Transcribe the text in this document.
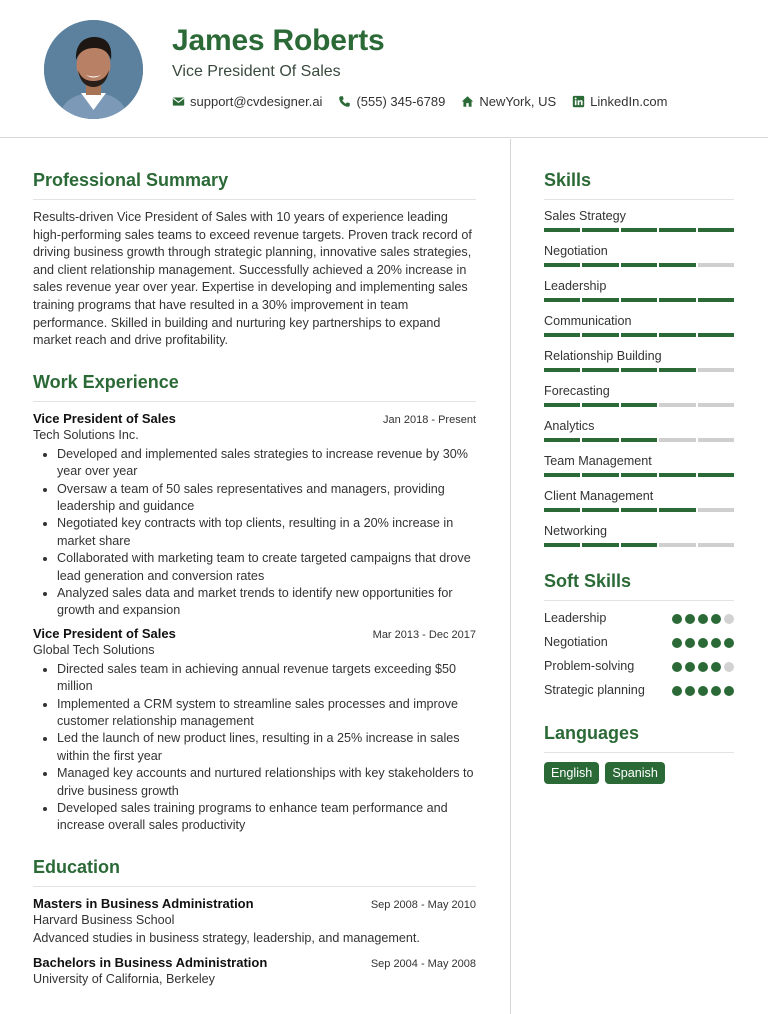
James Roberts
Vice President Of Sales
support@cvdesigner.ai	(555) 345-6789	NewYork, US	LinkedIn.com
Professional Summary

Results-driven Vice President of Sales with 10 years of experience leading high-performing sales teams to exceed revenue targets. Proven track record of driving business growth through strategic planning, innovative sales strategies, and client relationship management. Successfully achieved a 20% increase in sales revenue year over year. Expertise in developing and implementing sales training programs that have resulted in a 30% improvement in team performance. Skilled in building and nurturing key partnerships to expand market reach and drive profitability.

Work Experience
Vice President of Sales	Jan 2018 - Present
Tech Solutions Inc.
Developed and implemented sales strategies to increase revenue by 30% year over year
Oversaw a team of 50 sales representatives and managers, providing leadership and guidance
Negotiated key contracts with top clients, resulting in a 20% increase in market share
Collaborated with marketing team to create targeted campaigns that drove lead generation and conversion rates
Analyzed sales data and market trends to identify new opportunities for growth and expansion
Vice President of Sales	Mar 2013 - Dec 2017
Global Tech Solutions
Directed sales team in achieving annual revenue targets exceeding $50 million
Implemented a CRM system to streamline sales processes and improve customer relationship management
Led the launch of new product lines, resulting in a 25% increase in sales within the first year
Managed key accounts and nurtured relationships with key stakeholders to drive business growth
Developed sales training programs to enhance team performance and increase overall sales productivity
Education
Masters in Business Administration	Sep 2008 - May 2010
Harvard Business School
Advanced studies in business strategy, leadership, and management.
Bachelors in Business Administration	Sep 2004 - May 2008
University of California, Berkeley
Skills
Sales Strategy
Negotiation
Leadership
Communication
Relationship Building
Forecasting
Analytics
Team Management
Client Management
Networking
Soft Skills
Leadership
Negotiation
Problem-solving
Strategic planning
Languages
English	Spanish
